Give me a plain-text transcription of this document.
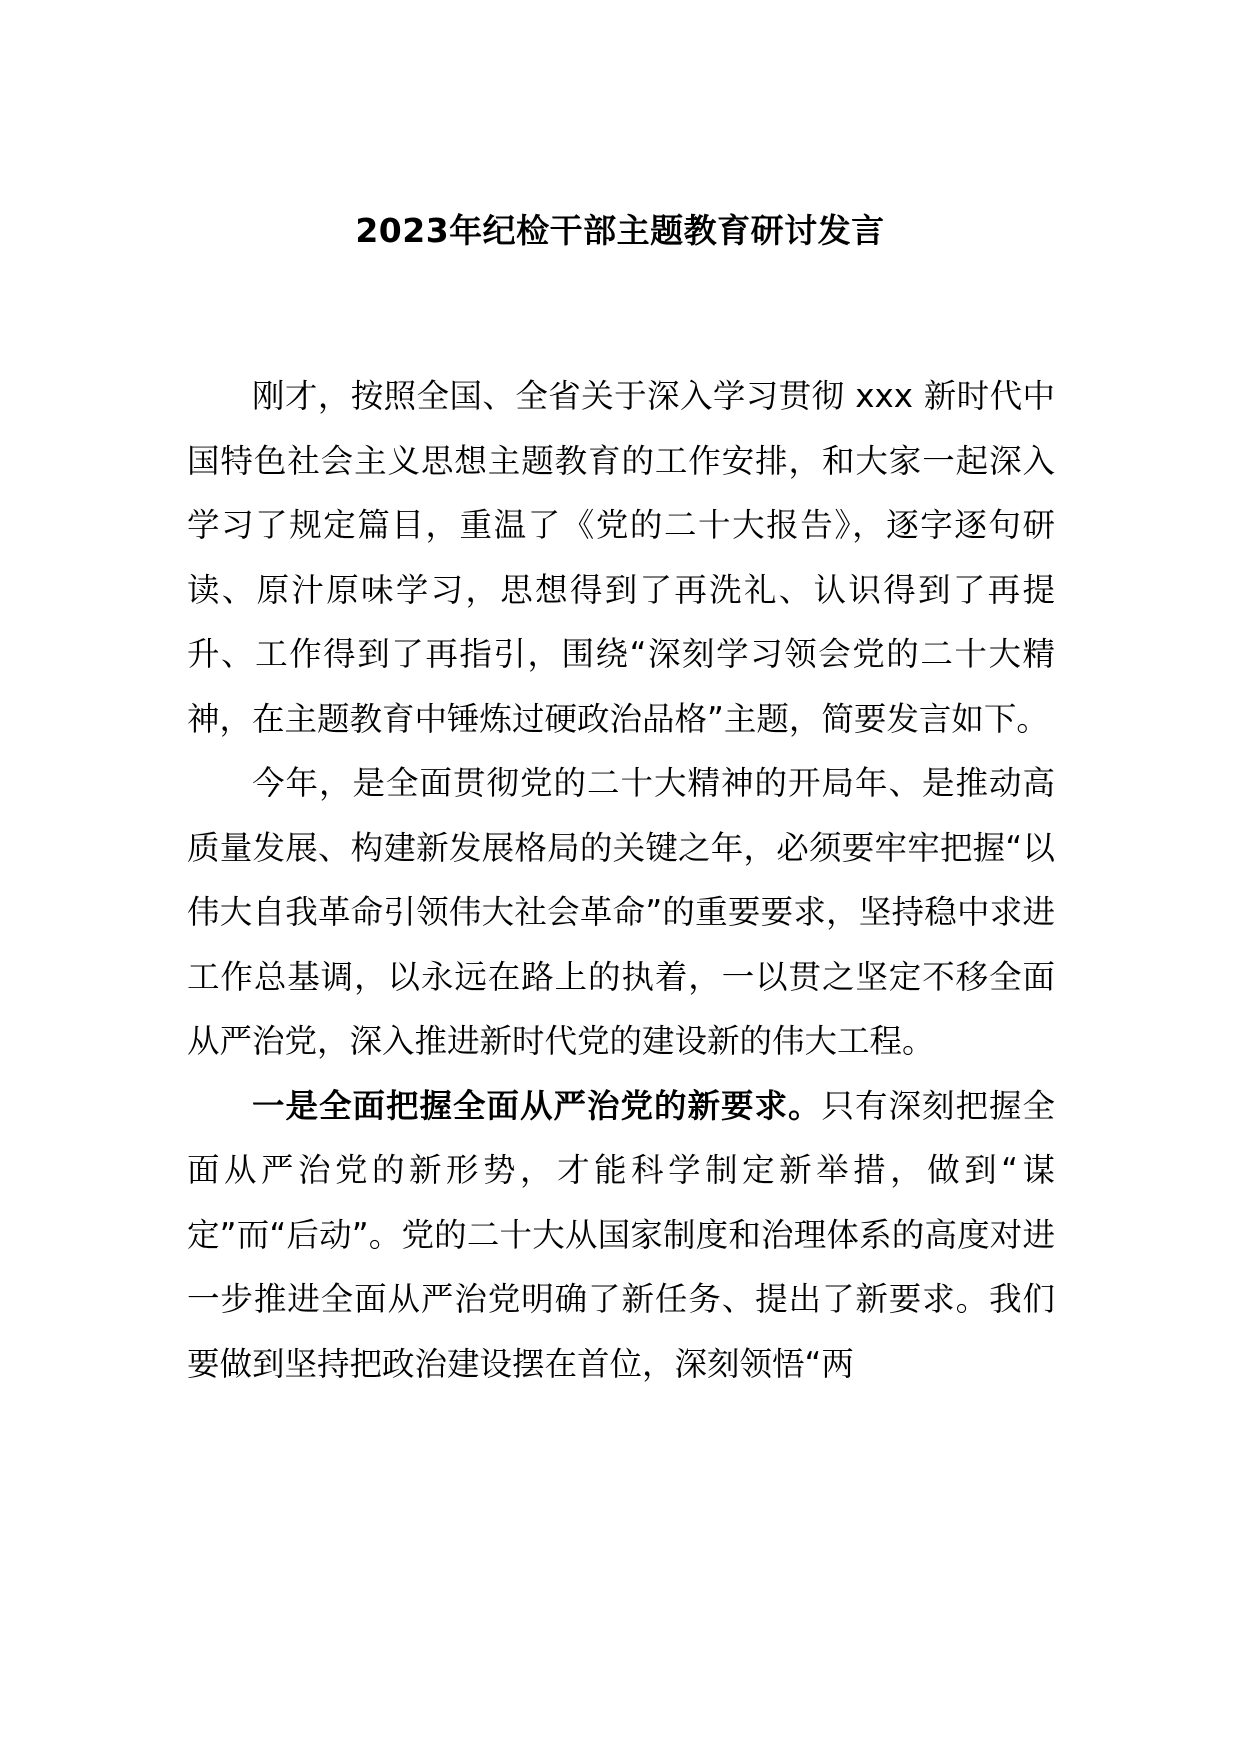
2023年纪检干部主题教育研讨发言

刚才，按照全国、全省关于深入学习贯彻 xxx 新时代中国特色社会主义思想主题教育的工作安排，和大家一起深入学习了规定篇目，重温了《党的二十大报告》，逐字逐句研读、原汁原味学习，思想得到了再洗礼、认识得到了再提升、工作得到了再指引，围绕“深刻学习领会党的二十大精神，在主题教育中锤炼过硬政治品格”主题，简要发言如下。

今年，是全面贯彻党的二十大精神的开局年、是推动高质量发展、构建新发展格局的关键之年，必须要牢牢把握“以伟大自我革命引领伟大社会革命”的重要要求，坚持稳中求进工作总基调，以永远在路上的执着，一以贯之坚定不移全面从严治党，深入推进新时代党的建设新的伟大工程。

一是全面把握全面从严治党的新要求。只有深刻把握全面从严治党的新形势，才能科学制定新举措，做到“谋定”而“后动”。党的二十大从国家制度和治理体系的高度对进一步推进全面从严治党明确了新任务、提出了新要求。我们要做到坚持把政治建设摆在首位，深刻领悟“两
